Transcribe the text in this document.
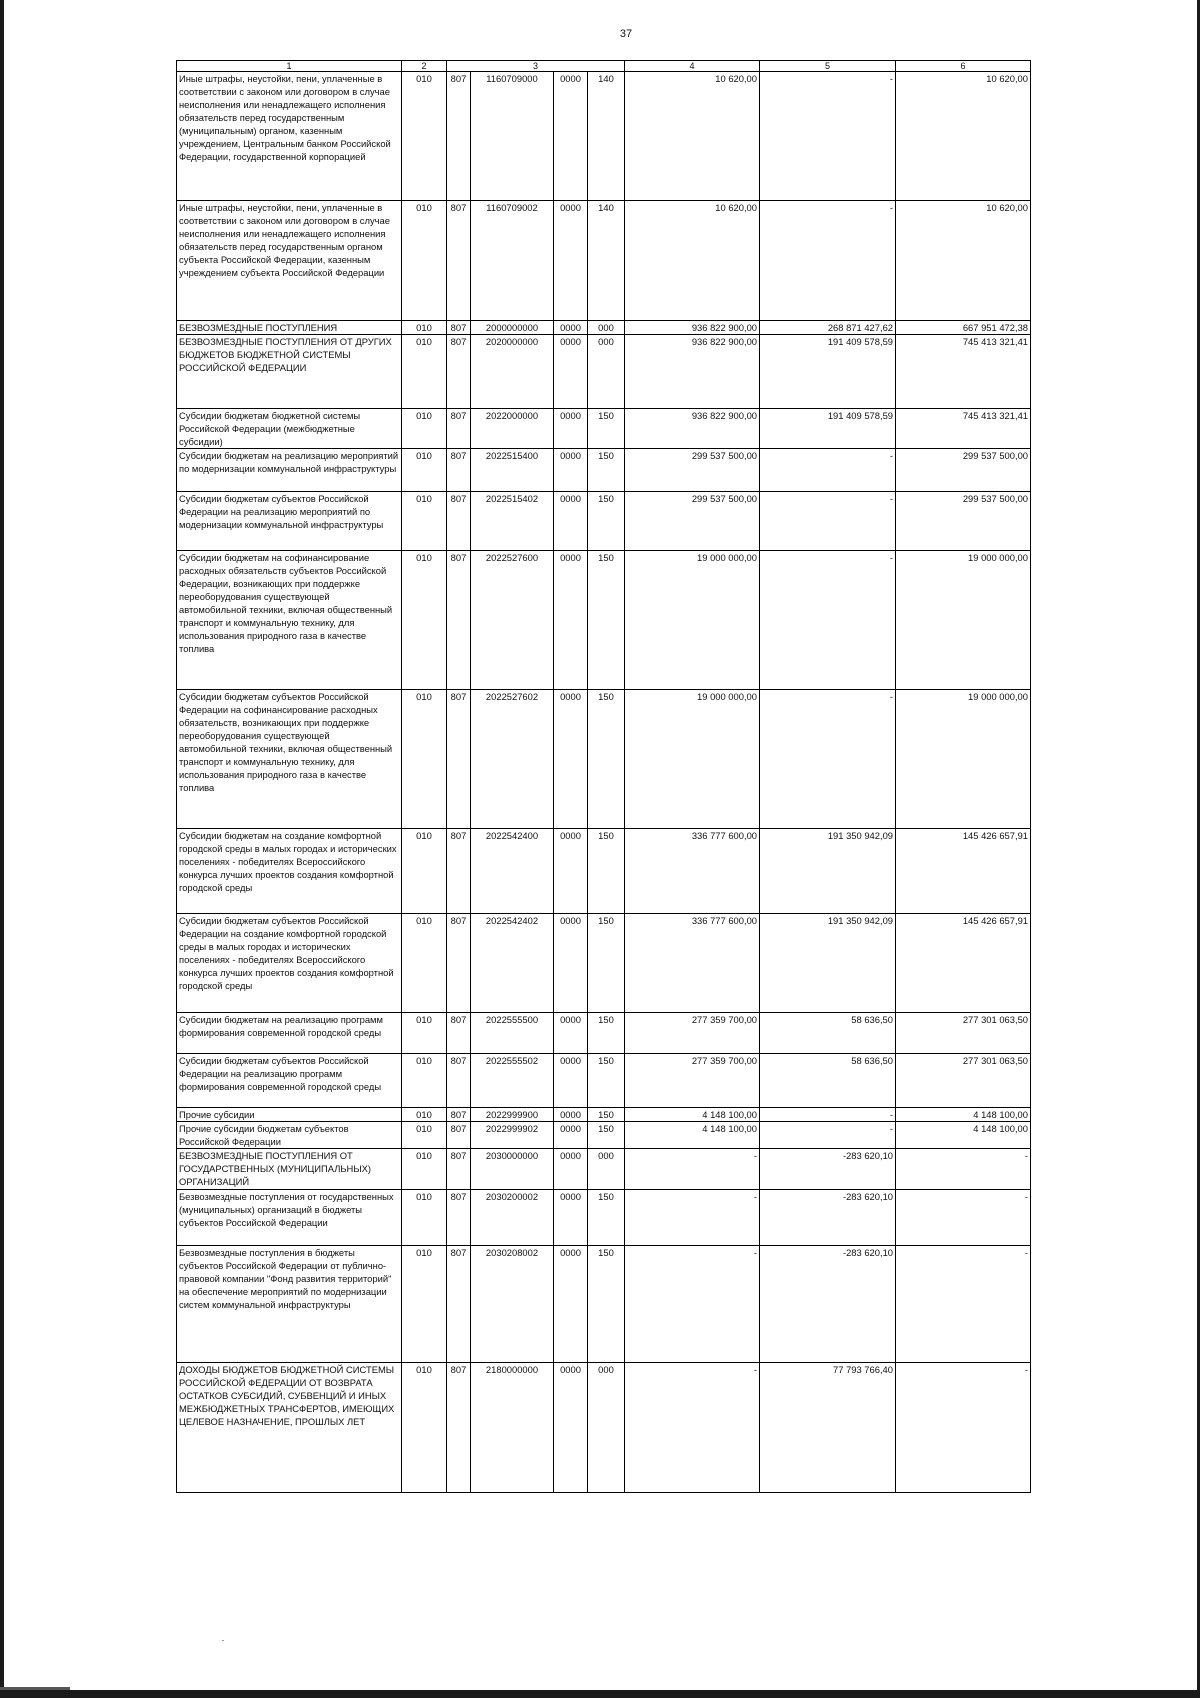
37
1	2	3				4	5	6
Иные штрафы, неустойки, пени, уплаченные в соответствии с законом или договором в случае неисполнения или ненадлежащего исполнения обязательств перед государственным (муниципальным) органом, казенным учреждением, Центральным банком Российской Федерации, государственной корпорацией	010	807	1160709000	0000	140	10 620,00	-	10 620,00
Иные штрафы, неустойки, пени, уплаченные в соответствии с законом или договором в случае неисполнения или ненадлежащего исполнения обязательств перед государственным органом субъекта Российской Федерации, казенным учреждением субъекта Российской Федерации	010	807	1160709002	0000	140	10 620,00	-	10 620,00
БЕЗВОЗМЕЗДНЫЕ ПОСТУПЛЕНИЯ	010	807	2000000000	0000	000	936 822 900,00	268 871 427,62	667 951 472,38
БЕЗВОЗМЕЗДНЫЕ ПОСТУПЛЕНИЯ ОТ ДРУГИХ БЮДЖЕТОВ БЮДЖЕТНОЙ СИСТЕМЫ РОССИЙСКОЙ ФЕДЕРАЦИИ	010	807	2020000000	0000	000	936 822 900,00	191 409 578,59	745 413 321,41
Субсидии бюджетам бюджетной системы Российской Федерации (межбюджетные субсидии)	010	807	2022000000	0000	150	936 822 900,00	191 409 578,59	745 413 321,41
Субсидии бюджетам на реализацию мероприятий по модернизации коммунальной инфраструктуры	010	807	2022515400	0000	150	299 537 500,00	-	299 537 500,00
Субсидии бюджетам субъектов Российской Федерации на реализацию мероприятий по модернизации коммунальной инфраструктуры	010	807	2022515402	0000	150	299 537 500,00	-	299 537 500,00
Субсидии бюджетам на софинансирование расходных обязательств субъектов Российской Федерации, возникающих при поддержке переоборудования существующей автомобильной техники, включая общественный транспорт и коммунальную технику, для использования природного газа в качестве топлива	010	807	2022527600	0000	150	19 000 000,00	-	19 000 000,00
Субсидии бюджетам субъектов Российской Федерации на софинансирование расходных обязательств, возникающих при поддержке переоборудования существующей автомобильной техники, включая общественный транспорт и коммунальную технику, для использования природного газа в качестве топлива	010	807	2022527602	0000	150	19 000 000,00	-	19 000 000,00
Субсидии бюджетам на создание комфортной городской среды в малых городах и исторических поселениях - победителях Всероссийского конкурса лучших проектов создания комфортной городской среды	010	807	2022542400	0000	150	336 777 600,00	191 350 942,09	145 426 657,91
Субсидии бюджетам субъектов Российской Федерации на создание комфортной городской среды в малых городах и исторических поселениях - победителях Всероссийского конкурса лучших проектов создания комфортной городской среды	010	807	2022542402	0000	150	336 777 600,00	191 350 942,09	145 426 657,91
Субсидии бюджетам на реализацию программ формирования современной городской среды	010	807	2022555500	0000	150	277 359 700,00	58 636,50	277 301 063,50
Субсидии бюджетам субъектов Российской Федерации на реализацию программ формирования современной городской среды	010	807	2022555502	0000	150	277 359 700,00	58 636,50	277 301 063,50
Прочие субсидии	010	807	2022999900	0000	150	4 148 100,00	-	4 148 100,00
Прочие субсидии бюджетам субъектов Российской Федерации	010	807	2022999902	0000	150	4 148 100,00	-	4 148 100,00
БЕЗВОЗМЕЗДНЫЕ ПОСТУПЛЕНИЯ ОТ ГОСУДАРСТВЕННЫХ (МУНИЦИПАЛЬНЫХ) ОРГАНИЗАЦИЙ	010	807	2030000000	0000	000	-	-283 620,10	-
Безвозмездные поступления от государственных (муниципальных) организаций в бюджеты субъектов Российской Федерации	010	807	2030200002	0000	150	-	-283 620,10	-
Безвозмездные поступления в бюджеты субъектов Российской Федерации от публично-правовой компании "Фонд развития территорий" на обеспечение мероприятий по модернизации систем коммунальной инфраструктуры	010	807	2030208002	0000	150	-	-283 620,10	-
ДОХОДЫ БЮДЖЕТОВ БЮДЖЕТНОЙ СИСТЕМЫ РОССИЙСКОЙ ФЕДЕРАЦИИ ОТ ВОЗВРАТА ОСТАТКОВ СУБСИДИЙ, СУБВЕНЦИЙ И ИНЫХ МЕЖБЮДЖЕТНЫХ ТРАНСФЕРТОВ, ИМЕЮЩИХ ЦЕЛЕВОЕ НАЗНАЧЕНИЕ, ПРОШЛЫХ ЛЕТ	010	807	2180000000	0000	000	-	77 793 766,40	-
